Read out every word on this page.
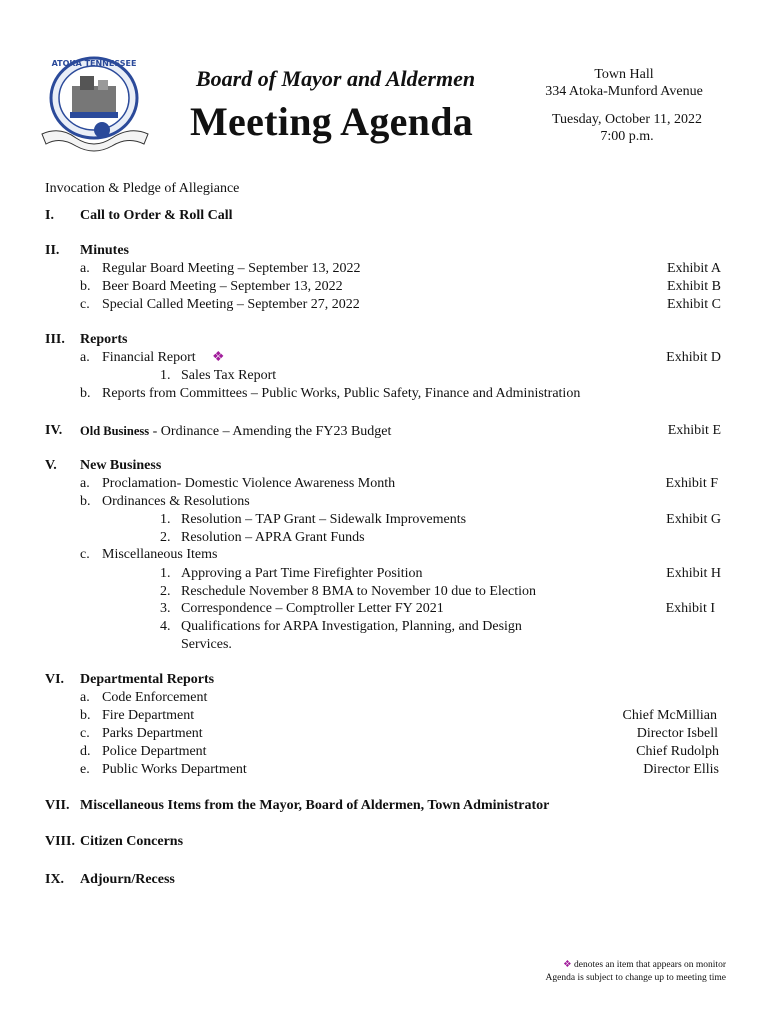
ATOKA TENNESSEE
Board of Mayor and Aldermen
Meeting Agenda
Town Hall
334 Atoka-Munford Avenue
Tuesday, October 11, 2022
7:00 p.m.
Invocation & Pledge of Allegiance
I. Call to Order & Roll Call
II. Minutes
a. Regular Board Meeting – September 13, 2022	Exhibit A
b. Beer Board Meeting – September 13, 2022	Exhibit B
c. Special Called Meeting – September 27, 2022	Exhibit C
III. Reports
a. Financial Report ❖	Exhibit D
1. Sales Tax Report
b. Reports from Committees – Public Works, Public Safety, Finance and Administration
IV. Old Business - Ordinance – Amending the FY23 Budget	Exhibit E
V. New Business
a. Proclamation- Domestic Violence Awareness Month	Exhibit F
b. Ordinances & Resolutions
1. Resolution – TAP Grant – Sidewalk Improvements	Exhibit G
2. Resolution – APRA Grant Funds
c. Miscellaneous Items
1. Approving a Part Time Firefighter Position	Exhibit H
2. Reschedule November 8 BMA to November 10 due to Election
3. Correspondence – Comptroller Letter FY 2021	Exhibit I
4. Qualifications for ARPA Investigation, Planning, and Design
Services.
VI. Departmental Reports
a. Code Enforcement
b. Fire Department	Chief McMillian
c. Parks Department	Director Isbell
d. Police Department	Chief Rudolph
e. Public Works Department	Director Ellis
VII. Miscellaneous Items from the Mayor, Board of Aldermen, Town Administrator
VIII. Citizen Concerns
IX. Adjourn/Recess
❖ denotes an item that appears on monitor
Agenda is subject to change up to meeting time
